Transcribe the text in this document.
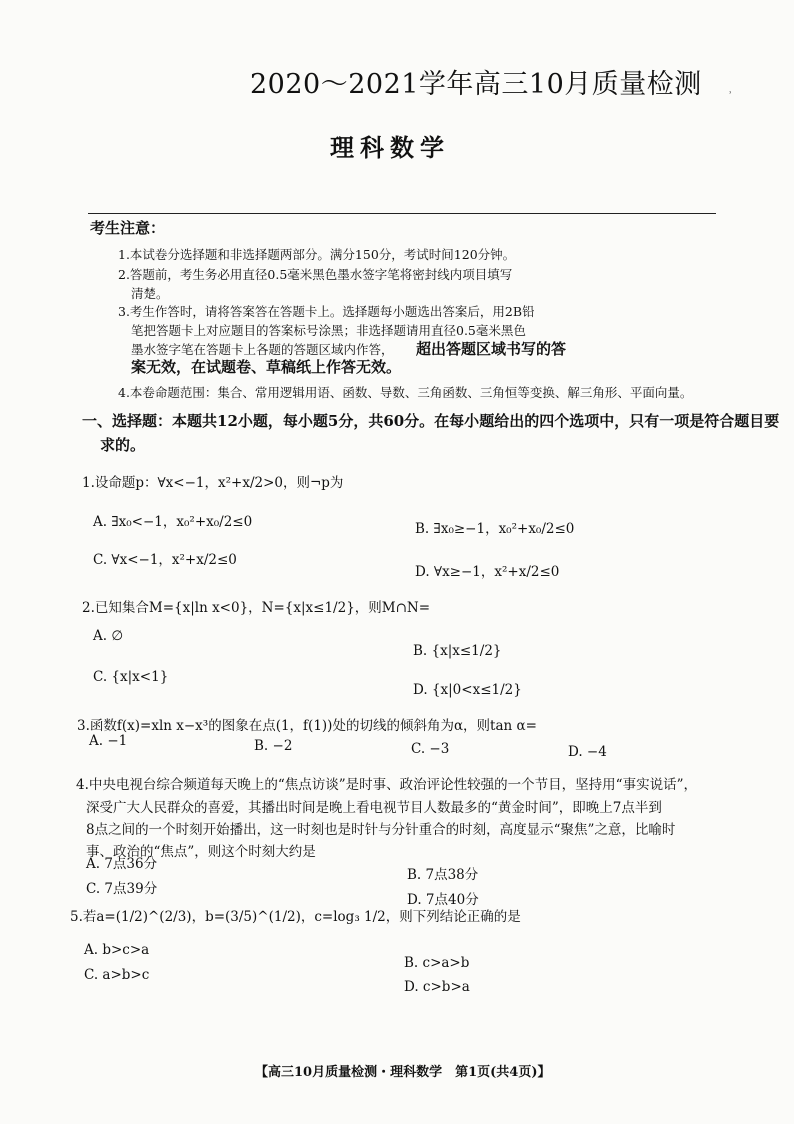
2020～2021学年高三10月质量检测
理科数学
˒
考生注意：
1.本试卷分选择题和非选择题两部分。满分150分，考试时间120分钟。
2.答题前，考生务必用直径0.5毫米黑色墨水签字笔将密封线内项目填写
清楚。
3.考生作答时，请将答案答在答题卡上。选择题每小题选出答案后，用2B铅
笔把答题卡上对应题目的答案标号涂黑；非选择题请用直径0.5毫米黑色
墨水签字笔在答题卡上各题的答题区域内作答， 超出答题区域书写的答
案无效，在试题卷、草稿纸上作答无效。
4.本卷命题范围：集合、常用逻辑用语、函数、导数、三角函数、三角恒等变换、解三角形、平面向量。
一、选择题：本题共12小题，每小题5分，共60分。在每小题给出的四个选项中，只有一项是符合题目要
求的。
1.设命题p：∀x<−1，x²+x/2>0，则¬p为
A. ∃x₀<−1，x₀²+x₀/2≤0	B. ∃x₀≥−1，x₀²+x₀/2≤0
C. ∀x<−1，x²+x/2≤0
D. ∀x≥−1，x²+x/2≤0
2.已知集合M={x|ln x<0}，N={x|x≤1/2}，则M∩N=
A. ∅
B. {x|x≤1/2}
C. {x|x<1}
D. {x|0<x≤1/2}
3.函数f(x)=xln x−x³的图象在点(1，f(1))处的切线的倾斜角为α，则tan α=
A. −1	B. −2	C. −3	D. −4
4.中央电视台综合频道每天晚上的“焦点访谈”是时事、政治评论性较强的一个节目，坚持用“事实说话”，
深受广大人民群众的喜爱，其播出时间是晚上看电视节目人数最多的“黄金时间”，即晚上7点半到
8点之间的一个时刻开始播出，这一时刻也是时针与分针重合的时刻，高度显示“聚焦”之意，比喻时
事、政治的“焦点”，则这个时刻大约是
A. 7点36分
B. 7点38分
C. 7点39分
D. 7点40分
5.若a=(1/2)^(2/3)，b=(3/5)^(1/2)，c=log₃ 1/2，则下列结论正确的是
A. b>c>a
B. c>a>b
C. a>b>c
D. c>b>a
【高三10月质量检测・理科数学　第1页(共4页)】
